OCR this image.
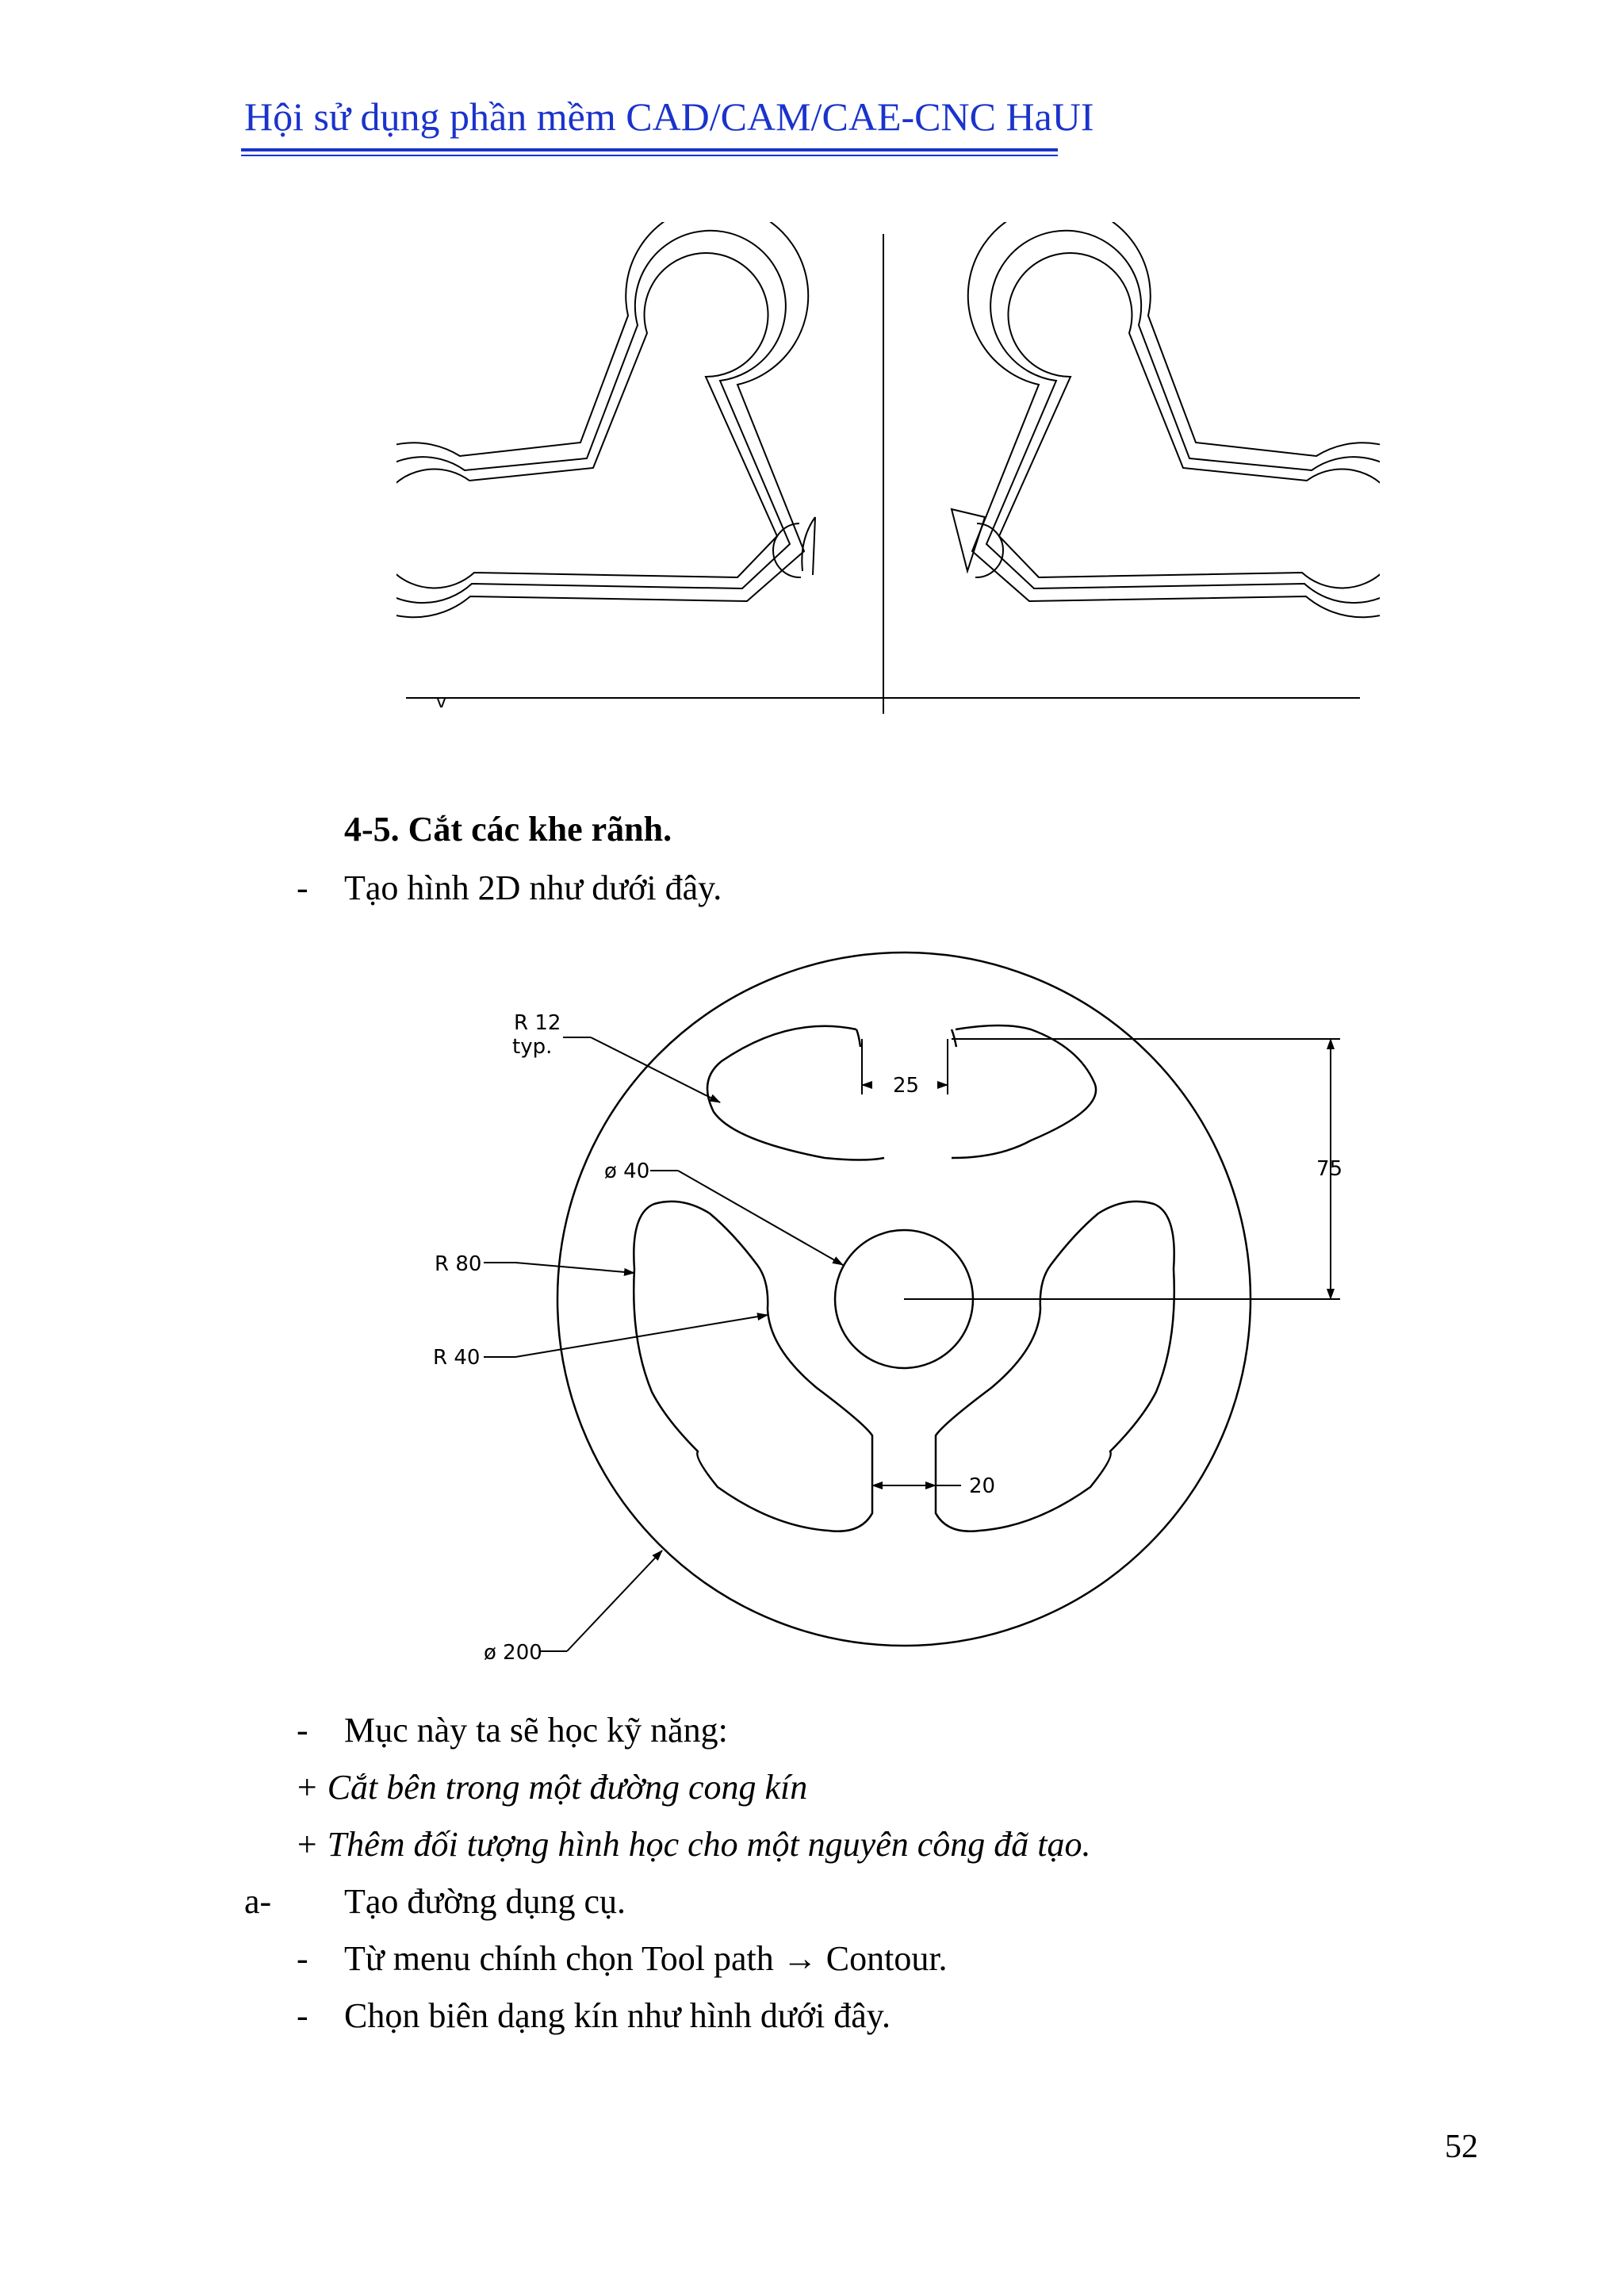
Hội sử dụng phần mềm CAD/CAM/CAE-CNC HaUI
v
4-5. Cắt các khe rãnh.
- Tạo hình 2D như dưới đây.
R 12
typ.
25
75
ø 40
R 80
R 40
20
ø 200
- Mục này ta sẽ học kỹ năng:
+ Cắt bên trong một đường cong kín
+ Thêm đối tượng hình học cho một nguyên công đã tạo.
a- Tạo đường dụng cụ.
- Từ menu chính chọn Tool path → Contour.
- Chọn biên dạng kín như hình dưới đây.
52
